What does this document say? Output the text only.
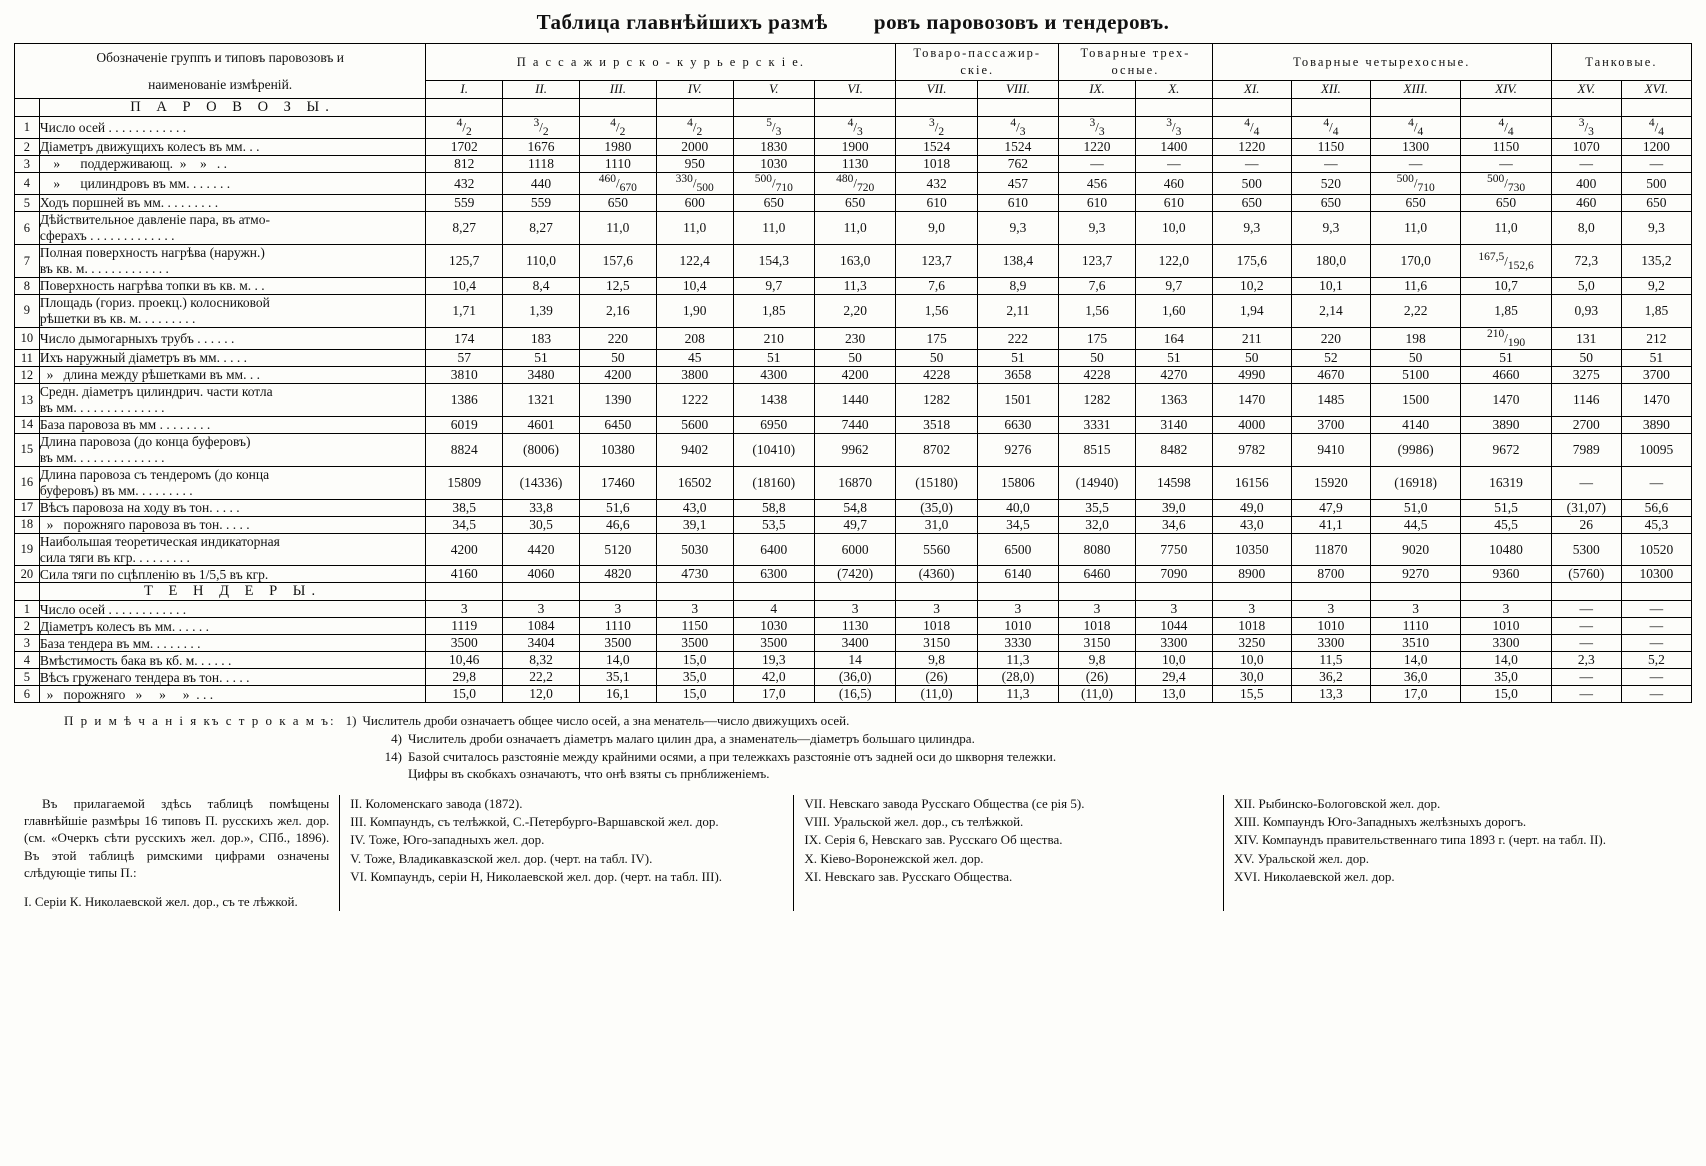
Таблица главнѣйшихъ размѣ ровъ паровозовъ и тендеровъ.
Обозначеніе группъ и типовъ паровозовъ и
наименованіе измѣреній.		П а с с а ж и р с к о - к у р ь е р с к і е.						Товаро-пассажир-
скіе.		Товарные трех-
осные.		Товарные четырехосные.				Танковые.	
		I.	II.	III.	IV.	V.	VI.	VII.	VIII.	IX.	X.	XI.	XII.	XIII.	XIV.	XV.	XVI.
	П А Р О В О З Ы.																
1	Число осей . . . . . . . . . . . .	4/2	3/2	4/2	4/2	5/3	4/3	3/2	4/3	3/3	3/3	4/4	4/4	4/4	4/4	3/3	4/4
2	Діаметръ движущихъ колесъ въ мм. . .	1702	1676	1980	2000	1830	1900	1524	1524	1220	1400	1220	1150	1300	1150	1070	1200
3	»      поддерживающ.  »    »   . .	812	1118	1110	950	1030	1130	1018	762	—	—	—	—	—	—	—	—
4	»      цилиндровъ въ мм. . . . . . .	432	440	460/670	330/500	500/710	480/720	432	457	456	460	500	520	500/710	500/730	400	500
5	Ходъ поршней въ мм. . . . . . . . .	559	559	650	600	650	650	610	610	610	610	650	650	650	650	460	650
6	Дѣйствительное давленіе пара, въ атмо-
сферахъ . . . . . . . . . . . . .	8,27	8,27	11,0	11,0	11,0	11,0	9,0	9,3	9,3	10,0	9,3	9,3	11,0	11,0	8,0	9,3
7	Полная поверхность нагрѣва (наружн.)
въ кв. м. . . . . . . . . . . . .	125,7	110,0	157,6	122,4	154,3	163,0	123,7	138,4	123,7	122,0	175,6	180,0	170,0	167,5/152,6	72,3	135,2
8	Поверхность нагрѣва топки въ кв. м. . .	10,4	8,4	12,5	10,4	9,7	11,3	7,6	8,9	7,6	9,7	10,2	10,1	11,6	10,7	5,0	9,2
9	Площадь (гориз. проекц.) колосниковой
рѣшетки въ кв. м. . . . . . . . .	1,71	1,39	2,16	1,90	1,85	2,20	1,56	2,11	1,56	1,60	1,94	2,14	2,22	1,85	0,93	1,85
10	Число дымогарныхъ трубъ . . . . . .	174	183	220	208	210	230	175	222	175	164	211	220	198	210/190	131	212
11	Ихъ наружный діаметръ въ мм. . . . .	57	51	50	45	51	50	50	51	50	51	50	52	50	51	50	51
12	»   длина между рѣшетками въ мм. . .	3810	3480	4200	3800	4300	4200	4228	3658	4228	4270	4990	4670	5100	4660	3275	3700
13	Средн. діаметръ цилиндрич. части котла
въ мм. . . . . . . . . . . . . .	1386	1321	1390	1222	1438	1440	1282	1501	1282	1363	1470	1485	1500	1470	1146	1470
14	База паровоза въ мм . . . . . . . .	6019	4601	6450	5600	6950	7440	3518	6630	3331	3140	4000	3700	4140	3890	2700	3890
15	Длина паровоза (до конца буферовъ)
въ мм. . . . . . . . . . . . . .	8824	(8006)	10380	9402	(10410)	9962	8702	9276	8515	8482	9782	9410	(9986)	9672	7989	10095
16	Длина паровоза съ тендеромъ (до конца
буферовъ) въ мм. . . . . . . . .	15809	(14336)	17460	16502	(18160)	16870	(15180)	15806	(14940)	14598	16156	15920	(16918)	16319	—	—
17	Вѣсъ паровоза на ходу въ тон. . . . .	38,5	33,8	51,6	43,0	58,8	54,8	(35,0)	40,0	35,5	39,0	49,0	47,9	51,0	51,5	(31,07)	56,6
18	»   порожняго паровоза въ тон. . . . .	34,5	30,5	46,6	39,1	53,5	49,7	31,0	34,5	32,0	34,6	43,0	41,1	44,5	45,5	26	45,3
19	Наибольшая теоретическая индикаторная
сила тяги въ кгр. . . . . . . . .	4200	4420	5120	5030	6400	6000	5560	6500	8080	7750	10350	11870	9020	10480	5300	10520
20	Сила тяги по сцѣпленію въ 1/5,5 въ кгр.	4160	4060	4820	4730	6300	(7420)	(4360)	6140	6460	7090	8900	8700	9270	9360	(5760)	10300
	Т Е Н Д Е Р Ы.																
1	Число осей . . . . . . . . . . . .	3	3	3	3	4	3	3	3	3	3	3	3	3	3	—	—
2	Діаметръ колесъ въ мм. . . . . .	1119	1084	1110	1150	1030	1130	1018	1010	1018	1044	1018	1010	1110	1010	—	—
3	База тендера въ мм. . . . . . . .	3500	3404	3500	3500	3500	3400	3150	3330	3150	3300	3250	3300	3510	3300	—	—
4	Вмѣстимость бака въ кб. м. . . . . .	10,46	8,32	14,0	15,0	19,3	14	9,8	11,3	9,8	10,0	10,0	11,5	14,0	14,0	2,3	5,2
5	Вѣсъ груженаго тендера въ тон. . . . .	29,8	22,2	35,1	35,0	42,0	(36,0)	(26)	(28,0)	(26)	29,4	30,0	36,2	36,0	35,0	—	—
6	»   порожняго   »     »     »  . . .	15,0	12,0	16,1	15,0	17,0	(16,5)	(11,0)	11,3	(11,0)	13,0	15,5	13,3	17,0	15,0	—	—
П р и м ѣ ч а н і я къ с т р о к а м ъ: 1) Числитель дроби означаетъ общее число осей, а зна менатель—число движущихъ осей.
4) Числитель дроби означаетъ діаметръ малаго цилин дра, а знаменатель—діаметръ большаго цилиндра.
14) Базой считалось разстояніе между крайними осями, а при тележкахъ разстояніе отъ задней оси до шкворня тележки.
Цифры въ скобкахъ означаютъ, что онѣ взяты съ прнближеніемъ.
Въ прилагаемой здѣсь таблицѣ помѣщены главнѣйшіе размѣры 16 типовъ П. русскихъ жел. дор. (см. «Очеркъ сѣти русскихъ жел. дор.», СПб., 1896). Въ этой таблицѣ римскими цифрами означены слѣдующіе типы П.:
I. Серіи К. Николаевской жел. дор., съ те лѣжкой.
II. Коломенскаго завода (1872).
III. Компаундъ, съ телѣжкой, С.-Петербурго-Варшавской жел. дор.
IV. Тоже, Юго-западныхъ жел. дор.
V. Тоже, Владикавказской жел. дор. (черт. на табл. IV).
VI. Компаундъ, серіи Н, Николаевской жел. дор. (черт. на табл. III).
VII. Невскаго завода Русскаго Общества (се рія 5).
VIII. Уральской жел. дор., съ телѣжкой.
IX. Серія 6, Невскаго зав. Русскаго Об щества.
X. Кіево-Воронежской жел. дор.
XI. Невскаго зав. Русскаго Общества.
XII. Рыбинско-Бологовской жел. дор.
XIII. Компаундъ Юго-Западныхъ желѣзныхъ дорогъ.
XIV. Компаундъ правительственнаго типа 1893 г. (черт. на табл. II).
XV. Уральской жел. дор.
XVI. Николаевской жел. дор.
